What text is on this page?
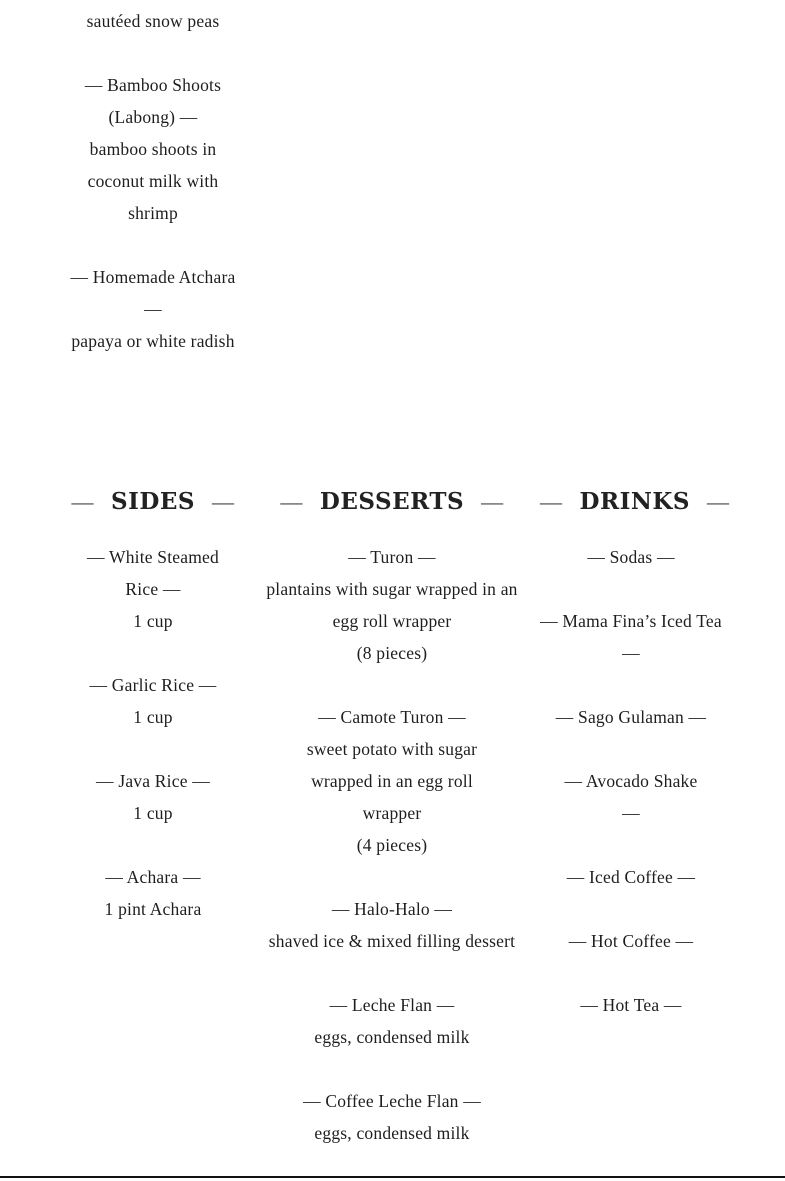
sautéed snow peas

— Bamboo Shoots (Labong) —

bamboo shoots in coconut milk with shrimp

— Homemade Atchara —

papaya or white radish

— SIDES —	— DESSERTS —	— DRINKS —

— White Steamed Rice —

1 cup

— Garlic Rice —

1 cup

— Java Rice —

1 cup

— Achara —

1 pint Achara

— Turon —

plantains with sugar wrapped in an egg roll wrapper

(8 pieces)

— Camote Turon —

sweet potato with sugar wrapped in an egg roll wrapper

(4 pieces)

— Halo-Halo —

shaved ice & mixed filling dessert

— Leche Flan —

eggs, condensed milk

— Coffee Leche Flan —

eggs, condensed milk

— Sodas —

— Mama Fina’s Iced Tea —

— Sago Gulaman —

— Avocado Shake —

— Iced Coffee —

— Hot Coffee —

— Hot Tea —
